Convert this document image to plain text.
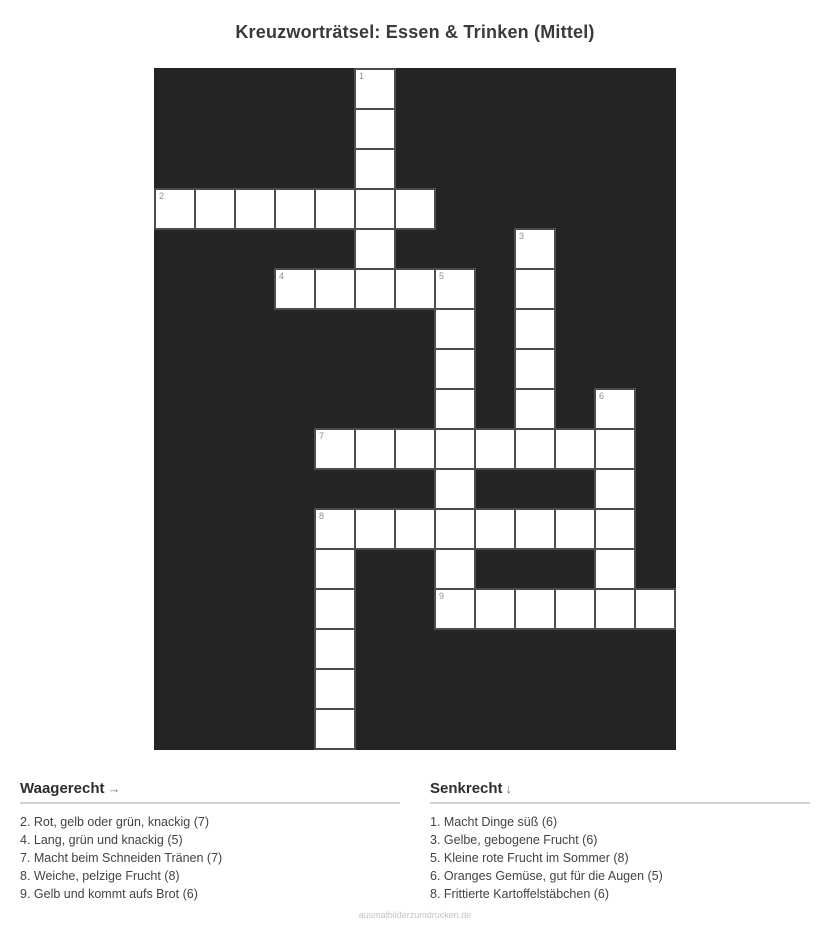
Kreuzworträtsel: Essen & Trinken (Mittel)
1
2
3
4	5
6
7
8
9
Waagerecht →
2. Rot, gelb oder grün, knackig (7)
4. Lang, grün und knackig (5)
7. Macht beim Schneiden Tränen (7)
8. Weiche, pelzige Frucht (8)
9. Gelb und kommt aufs Brot (6)
Senkrecht ↓
1. Macht Dinge süß (6)
3. Gelbe, gebogene Frucht (6)
5. Kleine rote Frucht im Sommer (8)
6. Oranges Gemüse, gut für die Augen (5)
8. Frittierte Kartoffelstäbchen (6)
ausmalbilderzumdrucken.de
